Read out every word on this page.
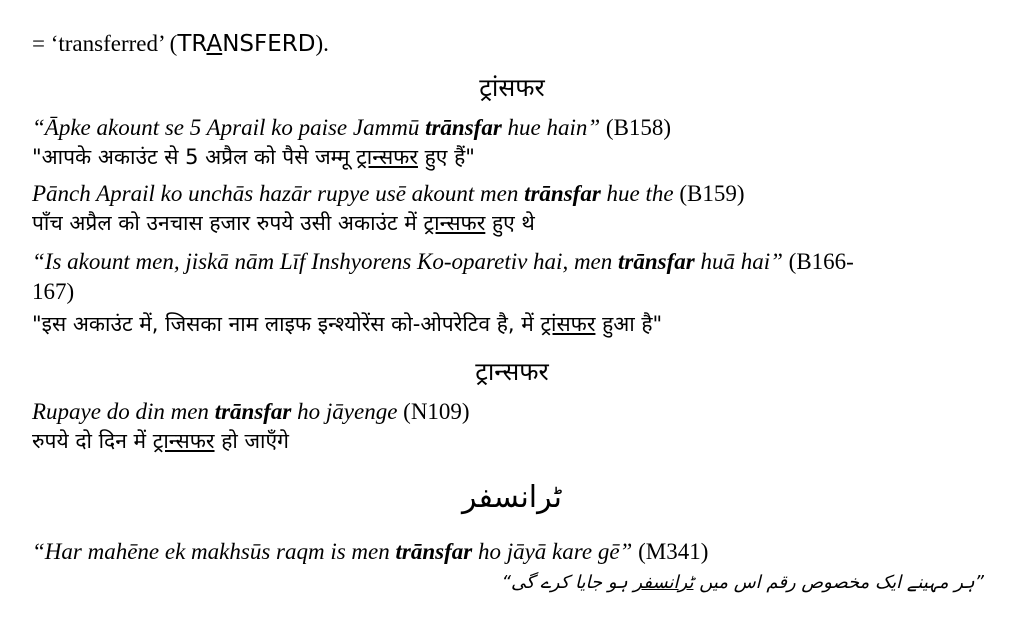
= ‘transferred’ (TRANSFERD).
ट्रांसफर
“Āpke akount se 5 Aprail ko paise Jammū trānsfar hue hain” (B158)
"आपके अकाउंट से 5 अप्रैल को पैसे जम्मू ट्रान्सफर हुए हैं"
Pānch Aprail ko unchās hazār rupye usē akount men trānsfar hue the (B159)
पाँच अप्रैल को उनचास हजार रुपये उसी अकाउंट में ट्रान्सफर हुए थे
“Is akount men, jiskā nām Līf Inshyorens Ko-oparetiv hai, men trānsfar huā hai” (B166-
167)
"इस अकाउंट में, जिसका नाम लाइफ इन्श्योरेंस को-ओपरेटिव है, में ट्रांसफर हुआ है"
ट्रान्सफर
Rupaye do din men trānsfar ho jāyenge (N109)
रुपये दो दिन में ट्रान्सफर हो जाएँगे
ٹرانسفر
“Har mahēne ek makhsūs raqm is men trānsfar ho jāyā kare gē” (M341)
”ہر مہینے ایک مخصوص رقم اس میں ٹرانسفر ہو جایا کرے گی“
